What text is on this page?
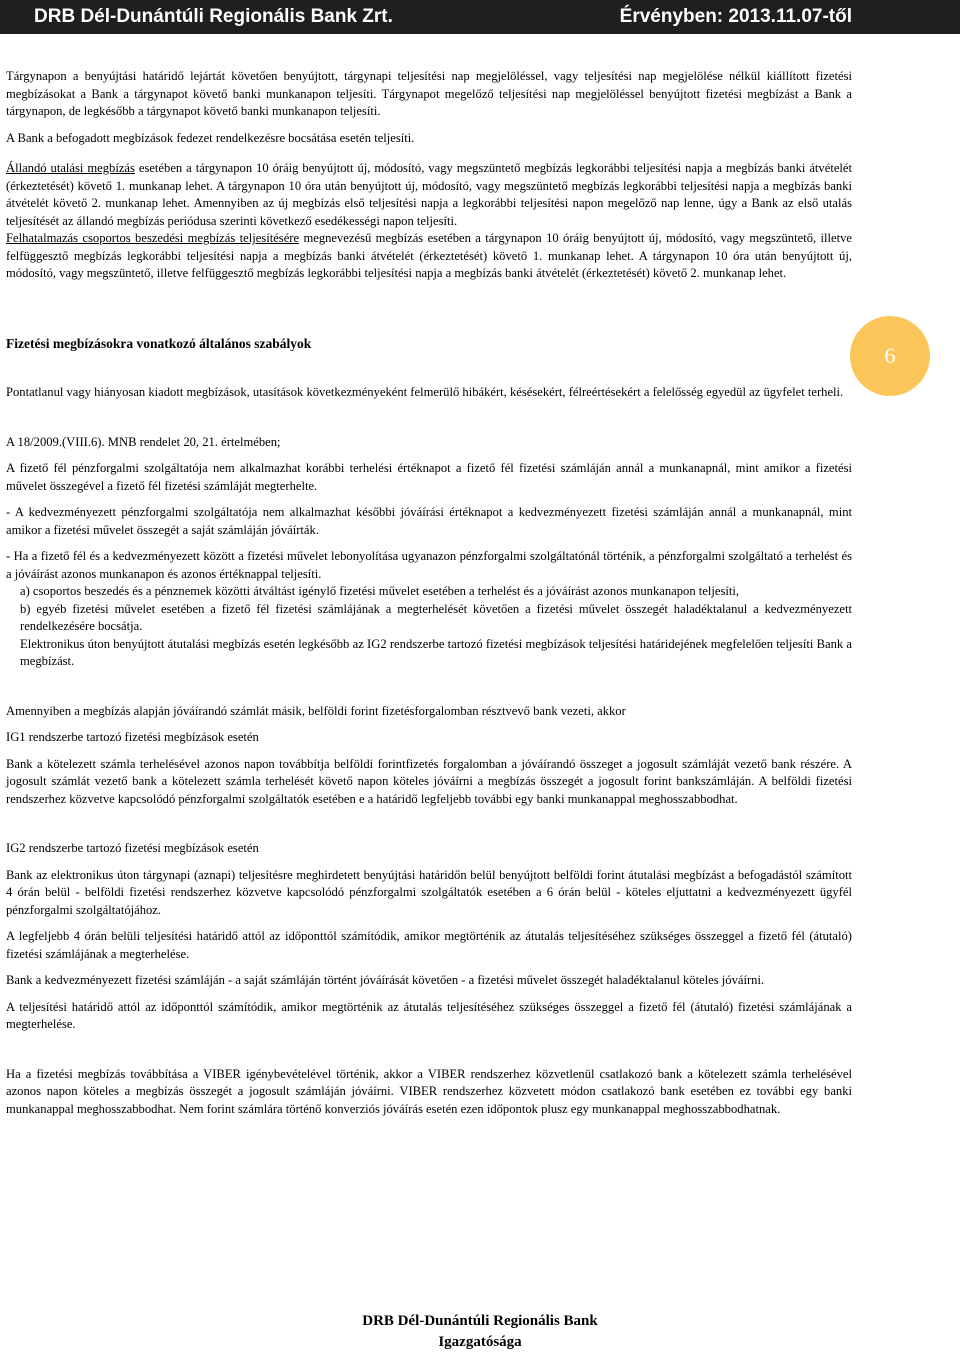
DRB Dél-Dunántúli Regionális Bank Zrt.	Érvényben: 2013.11.07-től
6

Tárgynapon a benyújtási határidő lejártát követően benyújtott, tárgynapi teljesítési nap megjelöléssel, vagy teljesítési nap megjelölése nélkül kiállított fizetési megbízásokat a Bank a tárgynapot követő banki munkanapon teljesíti. Tárgynapot megelőző teljesítési nap megjelöléssel benyújtott fizetési megbízást a Bank a tárgynapon, de legkésőbb a tárgynapot követő banki munkanapon teljesíti.

A Bank a befogadott megbízások fedezet rendelkezésre bocsátása esetén teljesíti.

Állandó utalási megbízás esetében a tárgynapon 10 óráig benyújtott új, módosító, vagy megszüntető megbízás legkorábbi teljesítési napja a megbízás banki átvételét (érkeztetését) követő 1. munkanap lehet. A tárgynapon 10 óra után benyújtott új, módosító, vagy megszüntető megbízás legkorábbi teljesítési napja a megbízás banki átvételét követő 2. munkanap lehet. Amennyiben az új megbízás első teljesítési napja a legkorábbi teljesítési napon megelőző nap lenne, úgy a Bank az első utalás teljesítését az állandó megbízás periódusa szerinti következő esedékességi napon teljesíti.

Felhatalmazás csoportos beszedési megbízás teljesítésére megnevezésű megbízás esetében a tárgynapon 10 óráig benyújtott új, módosító, vagy megszüntető, illetve felfüggesztő megbízás legkorábbi teljesítési napja a megbízás banki átvételét (érkeztetését) követő 1. munkanap lehet. A tárgynapon 10 óra után benyújtott új, módosító, vagy megszüntető, illetve felfüggesztő megbízás legkorábbi teljesítési napja a megbízás banki átvételét (érkeztetését) követő 2. munkanap lehet.

Fizetési megbízásokra vonatkozó általános szabályok

Pontatlanul vagy hiányosan kiadott megbízások, utasítások következményeként felmerülő hibákért, késésekért, félreértésekért a felelősség egyedül az ügyfelet terheli.

A 18/2009.(VIII.6). MNB rendelet 20, 21. értelmében;

A fizető fél pénzforgalmi szolgáltatója nem alkalmazhat korábbi terhelési értéknapot a fizető fél fizetési számláján annál a munkanapnál, mint amikor a fizetési művelet összegével a fizető fél fizetési számláját megterhelte.

- A kedvezményezett pénzforgalmi szolgáltatója nem alkalmazhat későbbi jóváírási értéknapot a kedvezményezett fizetési számláján annál a munkanapnál, mint amikor a fizetési művelet összegét a saját számláján jóváírták.

- Ha a fizető fél és a kedvezményezett között a fizetési művelet lebonyolítása ugyanazon pénzforgalmi szolgáltatónál történik, a pénzforgalmi szolgáltató a terhelést és a jóváírást azonos munkanapon és azonos értéknappal teljesíti.

a) csoportos beszedés és a pénznemek közötti átváltást igénylő fizetési művelet esetében a terhelést és a jóváírást azonos munkanapon teljesíti,

b) egyéb fizetési művelet esetében a fizető fél fizetési számlájának a megterhelését követően a fizetési művelet összegét haladéktalanul a kedvezményezett rendelkezésére bocsátja.

Elektronikus úton benyújtott átutalási megbízás esetén legkésőbb az IG2 rendszerbe tartozó fizetési megbízások teljesítési határidejének megfelelően teljesíti Bank a megbízást.

Amennyiben a megbízás alapján jóváírandó számlát másik, belföldi forint fizetésforgalomban résztvevő bank vezeti, akkor

IG1 rendszerbe tartozó fizetési megbízások esetén

Bank a kötelezett számla terhelésével azonos napon továbbítja belföldi forintfizetés forgalomban a jóváírandó összeget a jogosult számláját vezető bank részére. A jogosult számlát vezető bank a kötelezett számla terhelését követő napon köteles jóváírni a megbízás összegét a jogosult forint bankszámláján. A belföldi fizetési rendszerhez közvetve kapcsolódó pénzforgalmi szolgáltatók esetében e a határidő legfeljebb további egy banki munkanappal meghosszabbodhat.

IG2 rendszerbe tartozó fizetési megbízások esetén

Bank az elektronikus úton tárgynapi (aznapi) teljesítésre meghirdetett benyújtási határidőn belül benyújtott belföldi forint átutalási megbízást a befogadástól számított 4 órán belül - belföldi fizetési rendszerhez közvetve kapcsolódó pénzforgalmi szolgáltatók esetében a 6 órán belül - köteles eljuttatni a kedvezményezett ügyfél pénzforgalmi szolgáltatójához.

A legfeljebb 4 órán belüli teljesítési határidő attól az időponttól számítódik, amikor megtörténik az átutalás teljesítéséhez szükséges összeggel a fizető fél (átutaló) fizetési számlájának a megterhelése.

Bank a kedvezményezett fizetési számláján - a saját számláján történt jóváírását követően - a fizetési művelet összegét haladéktalanul köteles jóváírni.

A teljesítési határidő attól az időponttól számítódik, amikor megtörténik az átutalás teljesítéséhez szükséges összeggel a fizető fél (átutaló) fizetési számlájának a megterhelése.

Ha a fizetési megbízás továbbítása a VIBER igénybevételével történik, akkor a VIBER rendszerhez közvetlenül csatlakozó bank a kötelezett számla terhelésével azonos napon köteles a megbízás összegét a jogosult számláján jóváírni. VIBER rendszerhez közvetett módon csatlakozó bank esetében ez további egy banki munkanappal meghosszabbodhat. Nem forint számlára történő konverziós jóváírás esetén ezen időpontok plusz egy munkanappal meghosszabbodhatnak.

DRB Dél-Dunántúli Regionális Bank
Igazgatósága
